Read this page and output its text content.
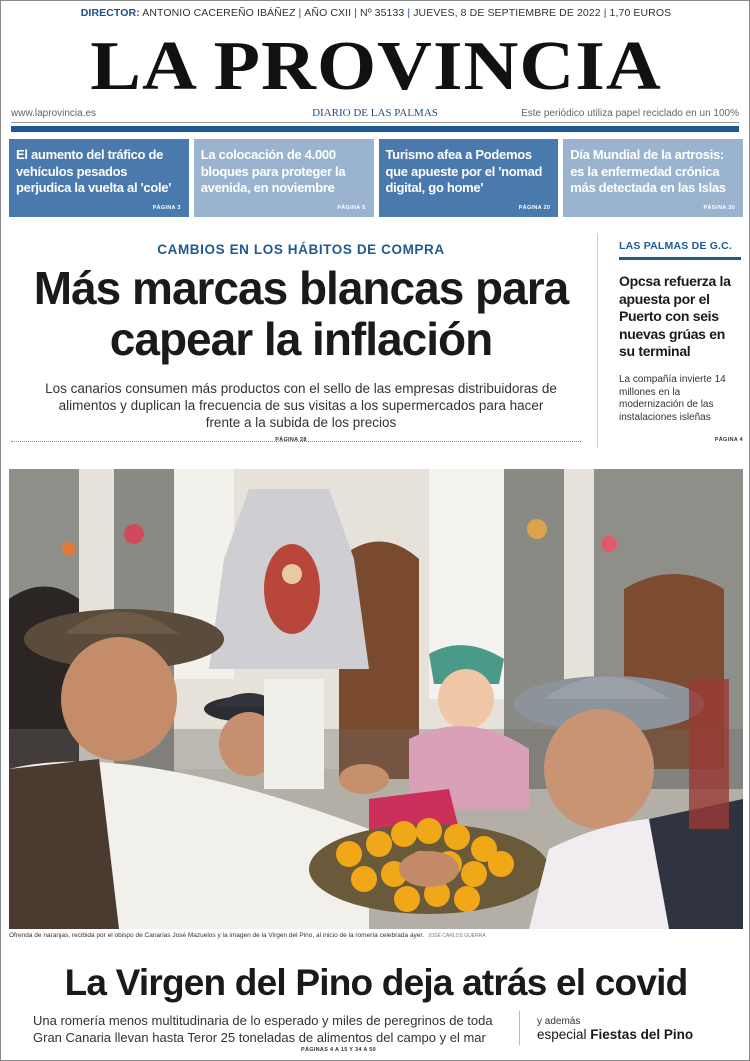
DIRECTOR: ANTONIO CACEREÑO IBÁÑEZ | AÑO CXII | Nº 35133 | JUEVES, 8 DE SEPTIEMBRE DE 2022 | 1,70 EUROS
LA PROVINCIA
www.laprovincia.es	DIARIO DE LAS PALMAS	Este periódico utiliza papel reciclado en un 100%
El aumento del tráfico de vehículos pesados perjudica la vuelta al 'cole'
PÁGINA 3
La colocación de 4.000 bloques para proteger la avenida, en noviembre
PÁGINA 5
Turismo afea a Podemos que apueste por el 'nomad digital, go home'
PÁGINA 20
Día Mundial de la artrosis: es la enfermedad crónica más detectada en las Islas
PÁGINA 30
CAMBIOS EN LOS HÁBITOS DE COMPRA
Más marcas blancas para capear la inflación
Los canarios consumen más productos con el sello de las empresas distribuidoras de alimentos y duplican la frecuencia de sus visitas a los supermercados para hacer frente a la subida de los precios
PÁGINA 28
LAS PALMAS DE G.C.
Opcsa refuerza la apuesta por el Puerto con seis nuevas grúas en su terminal
La compañía invierte 14 millones en la modernización de las instalaciones isleñas
PÁGINA 4
Ofrenda de naranjas, recibida por el obispo de Canarias José Mazuelos y la imagen de la Virgen del Pino, al inicio de la romería celebrada ayer. JOSÉ CARLOS GUERRA
La Virgen del Pino deja atrás el covid
Una romería menos multitudinaria de lo esperado y miles de peregrinos de toda Gran Canaria llevan hasta Teror 25 toneladas de alimentos del campo y el mar
PÁGINAS 4 A 15 Y 34 A 50
y además
especial Fiestas del Pino
